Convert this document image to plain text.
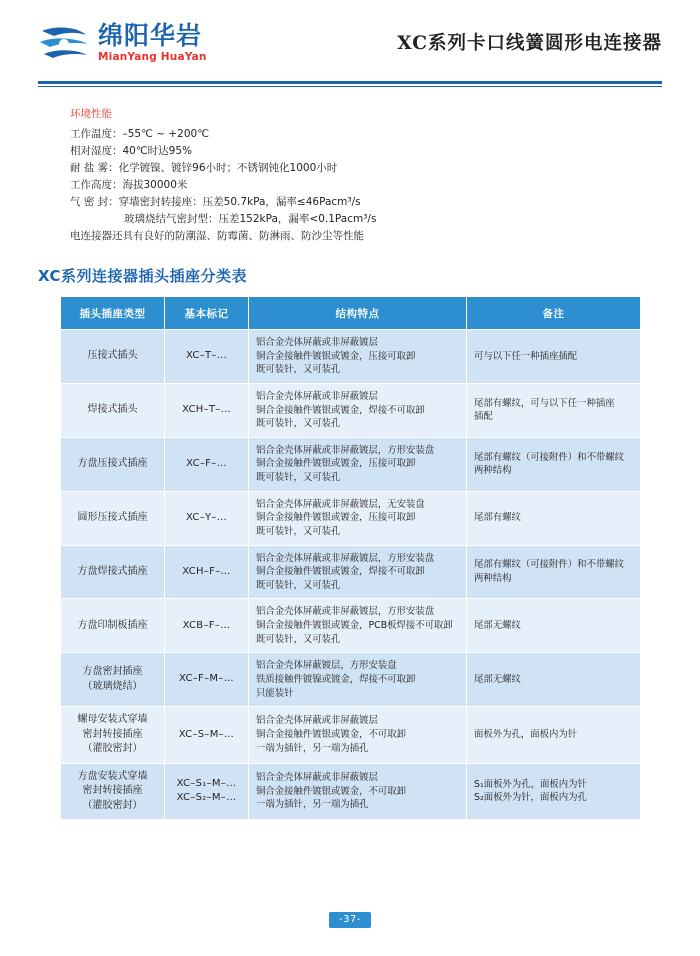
绵阳华岩
MianYang HuaYan
XC系列卡口线簧圆形电连接器
环境性能
工作温度：–55℃ ~ +200℃
相对湿度：40℃时达95%
耐 盐 雾：化学镀镍、镀锌96小时；不锈钢钝化1000小时
工作高度：海拔30000米
气 密 封：穿墙密封转接座：压差50.7kPa，漏率≤46Pacm³/s
玻璃烧结气密封型：压差152kPa，漏率<0.1Pacm³/s
电连接器还具有良好的防潮湿、防霉菌、防淋雨、防沙尘等性能
XC系列连接器插头插座分类表
插头插座类型	基本标记	结构特点	备注

压接式插头	XC–T–…	铝合金壳体屏蔽或非屏蔽镀层
铜合金接触件镀银或镀金，压接可取卸
既可装针，又可装孔	可与以下任一种插座插配

焊接式插头	XCH–T–…	铝合金壳体屏蔽或非屏蔽镀层
铜合金接触件镀银或镀金，焊接不可取卸
既可装针，又可装孔	尾部有螺纹，可与以下任一种插座
插配

方盘压接式插座	XC–F–…	铝合金壳体屏蔽或非屏蔽镀层，方形安装盘
铜合金接触件镀银或镀金，压接可取卸
既可装针，又可装孔	尾部有螺纹（可接附件）和不带螺纹
两种结构

圆形压接式插座	XC–Y–…	铝合金壳体屏蔽或非屏蔽镀层，无安装盘
铜合金接触件镀银或镀金，压接可取卸
既可装针，又可装孔	尾部有螺纹

方盘焊接式插座	XCH–F–…	铝合金壳体屏蔽或非屏蔽镀层，方形安装盘
铜合金接触件镀银或镀金，焊接不可取卸
既可装针，又可装孔	尾部有螺纹（可接附件）和不带螺纹
两种结构

方盘印制板插座	XCB–F–…	铝合金壳体屏蔽或非屏蔽镀层，方形安装盘
铜合金接触件镀银或镀金，PCB板焊接不可取卸
既可装针，又可装孔	尾部无螺纹

方盘密封插座
（玻璃烧结）	XC–F–M–…	铝合金壳体屏蔽镀层，方形安装盘
铁质接触件镀镍或镀金，焊接不可取卸
只能装针	尾部无螺纹

螺母安装式穿墙
密封转接插座
（灌胶密封）	XC–S–M–…	铝合金壳体屏蔽或非屏蔽镀层
铜合金接触件镀银或镀金，不可取卸
一端为插针，另一端为插孔	面板外为孔，面板内为针

方盘安装式穿墙
密封转接插座
（灌胶密封）	XC–S₁–M–…
XC–S₂–M–…	铝合金壳体屏蔽或非屏蔽镀层
铜合金接触件镀银或镀金，不可取卸
一端为插针，另一端为插孔	S₁面板外为孔，面板内为针
S₂面板外为针，面板内为孔
-37-
